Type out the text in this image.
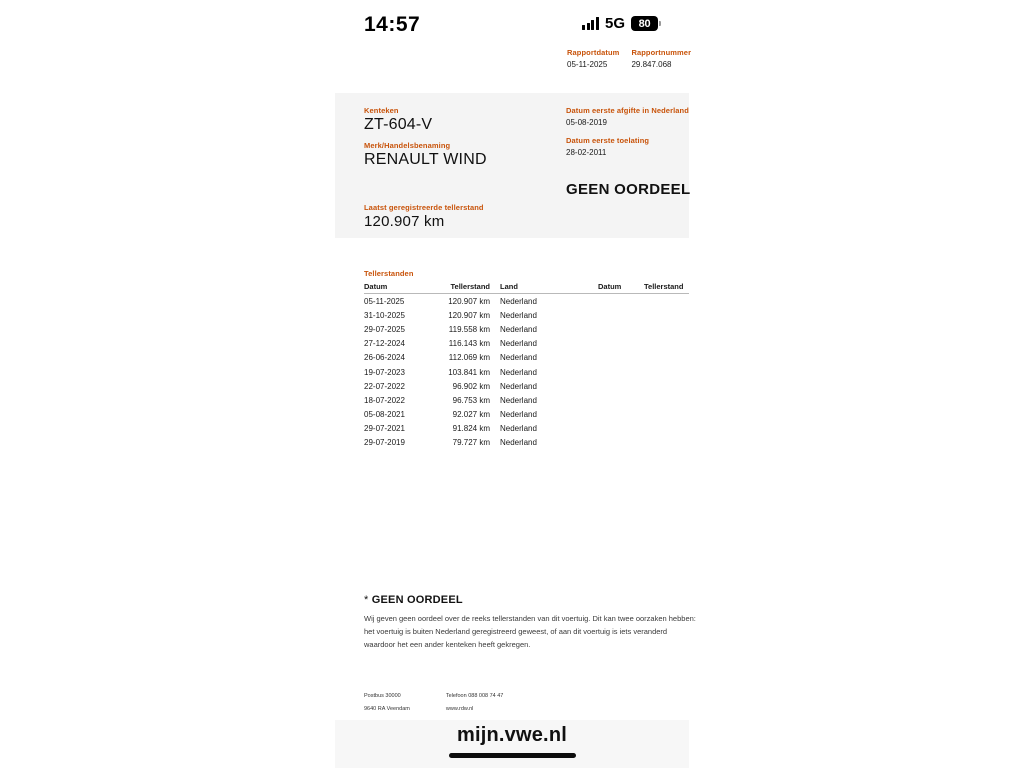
14:57	5G	80
Rapportdatum
05-11-2025
Rapportnummer
29.847.068
Kenteken
ZT-604-V
Merk/Handelsbenaming
RENAULT WIND
Datum eerste afgifte in Nederland
05-08-2019
Datum eerste toelating
28-02-2011
GEEN OORDEEL
Laatst geregistreerde tellerstand
120.907 km
Tellerstanden
Datum	Tellerstand	Land	Datum	Tellerstand
05-11-2025	120.907 km	Nederland		
31-10-2025	120.907 km	Nederland		
29-07-2025	119.558 km	Nederland		
27-12-2024	116.143 km	Nederland		
26-06-2024	112.069 km	Nederland		
19-07-2023	103.841 km	Nederland		
22-07-2022	96.902 km	Nederland		
18-07-2022	96.753 km	Nederland		
05-08-2021	92.027 km	Nederland		
29-07-2021	91.824 km	Nederland		
29-07-2019	79.727 km	Nederland		
* GEEN OORDEEL
Wij geven geen oordeel over de reeks tellerstanden van dit voertuig. Dit kan twee oorzaken hebben: het voertuig is buiten Nederland geregistreerd geweest, of aan dit voertuig is iets veranderd waardoor het een ander kenteken heeft gekregen.
Postbus 30000
9640 RA Veendam
Telefoon 088 008 74 47
www.rdw.nl
mijn.vwe.nl
